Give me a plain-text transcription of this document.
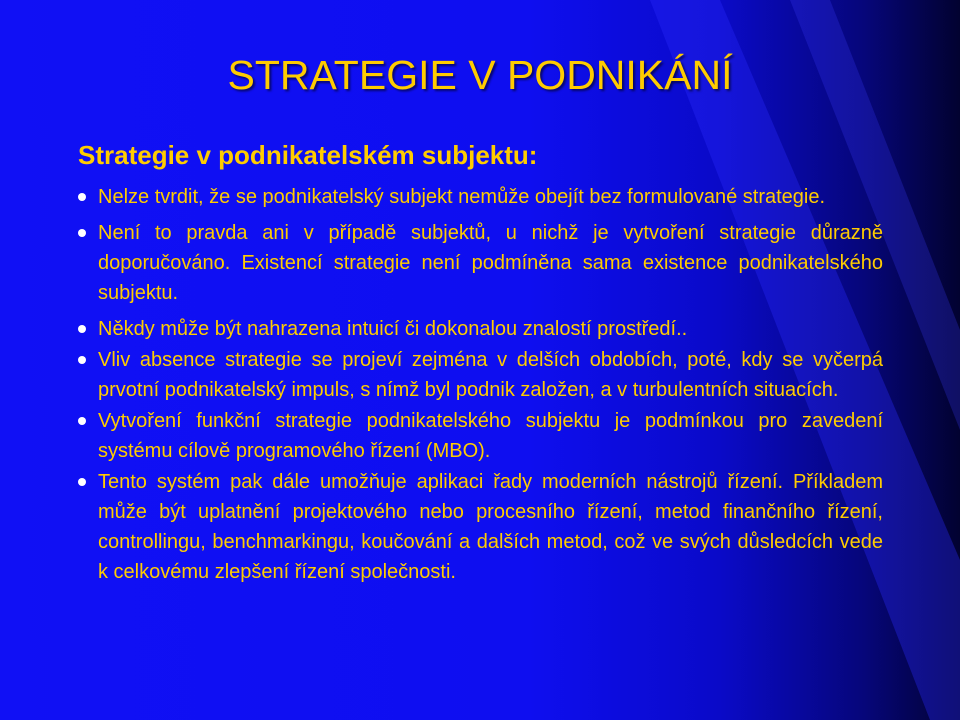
STRATEGIE V PODNIKÁNÍ
Strategie v podnikatelském subjektu:
Nelze tvrdit, že se podnikatelský subjekt nemůže obejít bez formulované strategie.
Není to pravda ani v případě subjektů, u nichž je vytvoření strategie důrazně doporučováno. Existencí strategie není podmíněna sama existence podnikatelského subjektu.
Někdy může být nahrazena intuicí či dokonalou znalostí prostředí..
Vliv absence strategie se projeví zejména v delších obdobích, poté, kdy se vyčerpá prvotní podnikatelský impuls, s nímž byl podnik založen, a v turbulentních situacích.
Vytvoření funkční strategie podnikatelského subjektu je podmínkou pro zavedení systému cílově programového řízení (MBO).
Tento systém pak dále umožňuje aplikaci řady moderních nástrojů řízení. Příkladem může být uplatnění projektového nebo procesního řízení, metod finančního řízení, controllingu, benchmarkingu, koučování a dalších metod, což ve svých důsledcích vede k celkovému zlepšení řízení společnosti.
